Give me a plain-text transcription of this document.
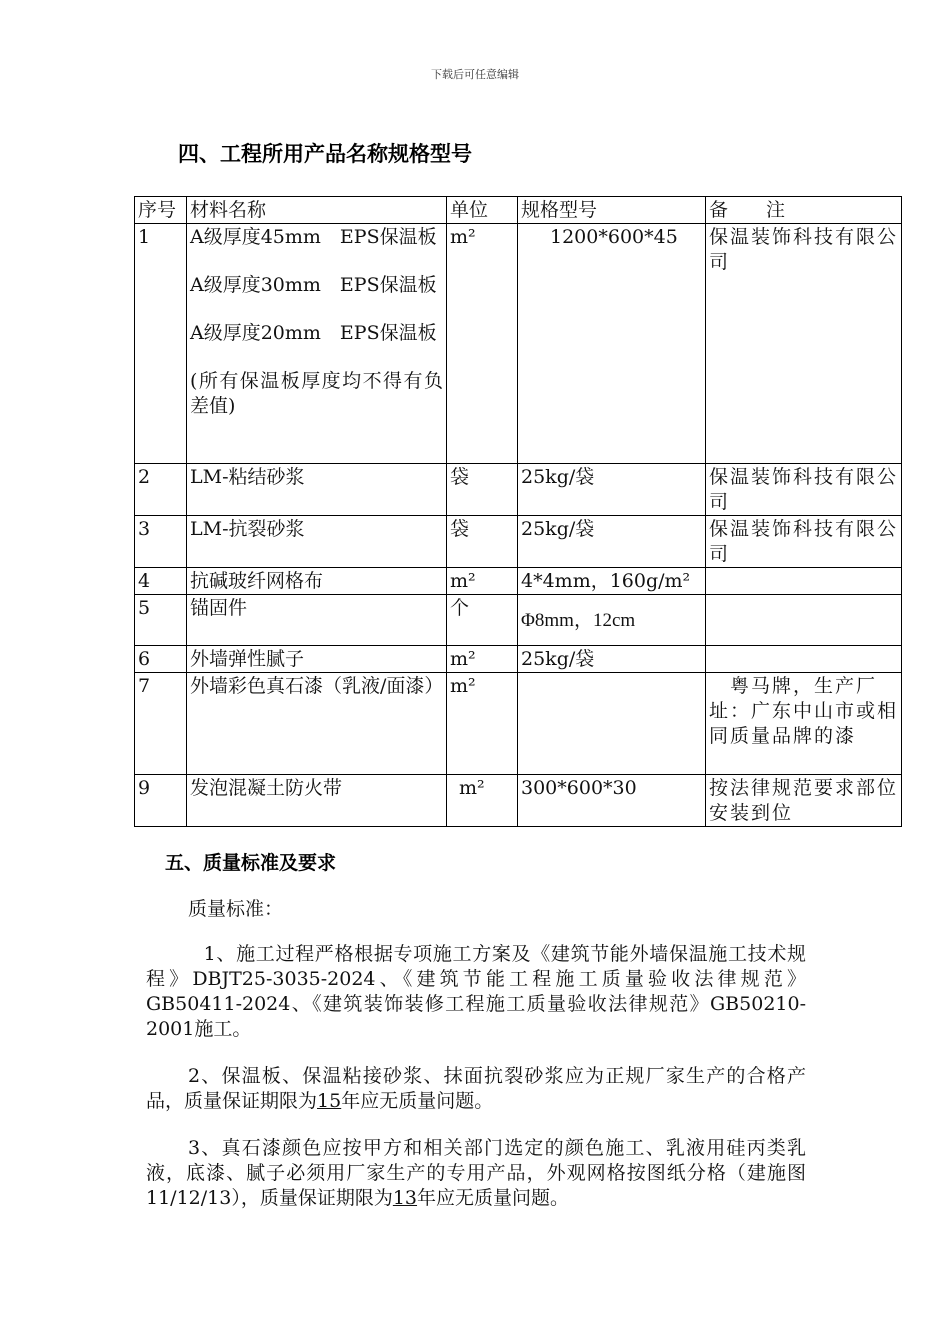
下载后可任意编辑
四、工程所用产品名称规格型号
序号	材料名称	单位	规格型号	备　　注
1	A级厚度45mm　EPS保温板
A级厚度30mm　EPS保温板
A级厚度20mm　EPS保温板
(所有保温板厚度均不得有负差值)	m²	1200*600*45	保温装饰科技有限公司
2	LM-粘结砂浆	袋	25kg/袋	保温装饰科技有限公司
3	LM-抗裂砂浆	袋	25kg/袋	保温装饰科技有限公司
4	抗碱玻纤网格布	m²	4*4mm，160g/m²	
5	锚固件	个	Φ8mm，12cm	
6	外墙弹性腻子	m²	25kg/袋	
7	外墙彩色真石漆（乳液/面漆）	m²		　粤马牌，生产厂址：广东中山市或相同质量品牌的漆
9	发泡混凝土防火带	m²	300*600*30	按法律规范要求部位安装到位
五、质量标准及要求

质量标准：

　1、施工过程严格根据专项施工方案及《建筑节能外墙保温施工技术规程》DBJT25-3035-2024、《建筑节能工程施工质量验收法律规范》GB50411-2024、《建筑装饰装修工程施工质量验收法律规范》GB50210-2001施工。

2、保温板、保温粘接砂浆、抹面抗裂砂浆应为正规厂家生产的合格产品，质量保证期限为15年应无质量问题。

3、真石漆颜色应按甲方和相关部门选定的颜色施工、乳液用硅丙类乳液，底漆、腻子必须用厂家生产的专用产品，外观网格按图纸分格（建施图11/12/13），质量保证期限为13年应无质量问题。
